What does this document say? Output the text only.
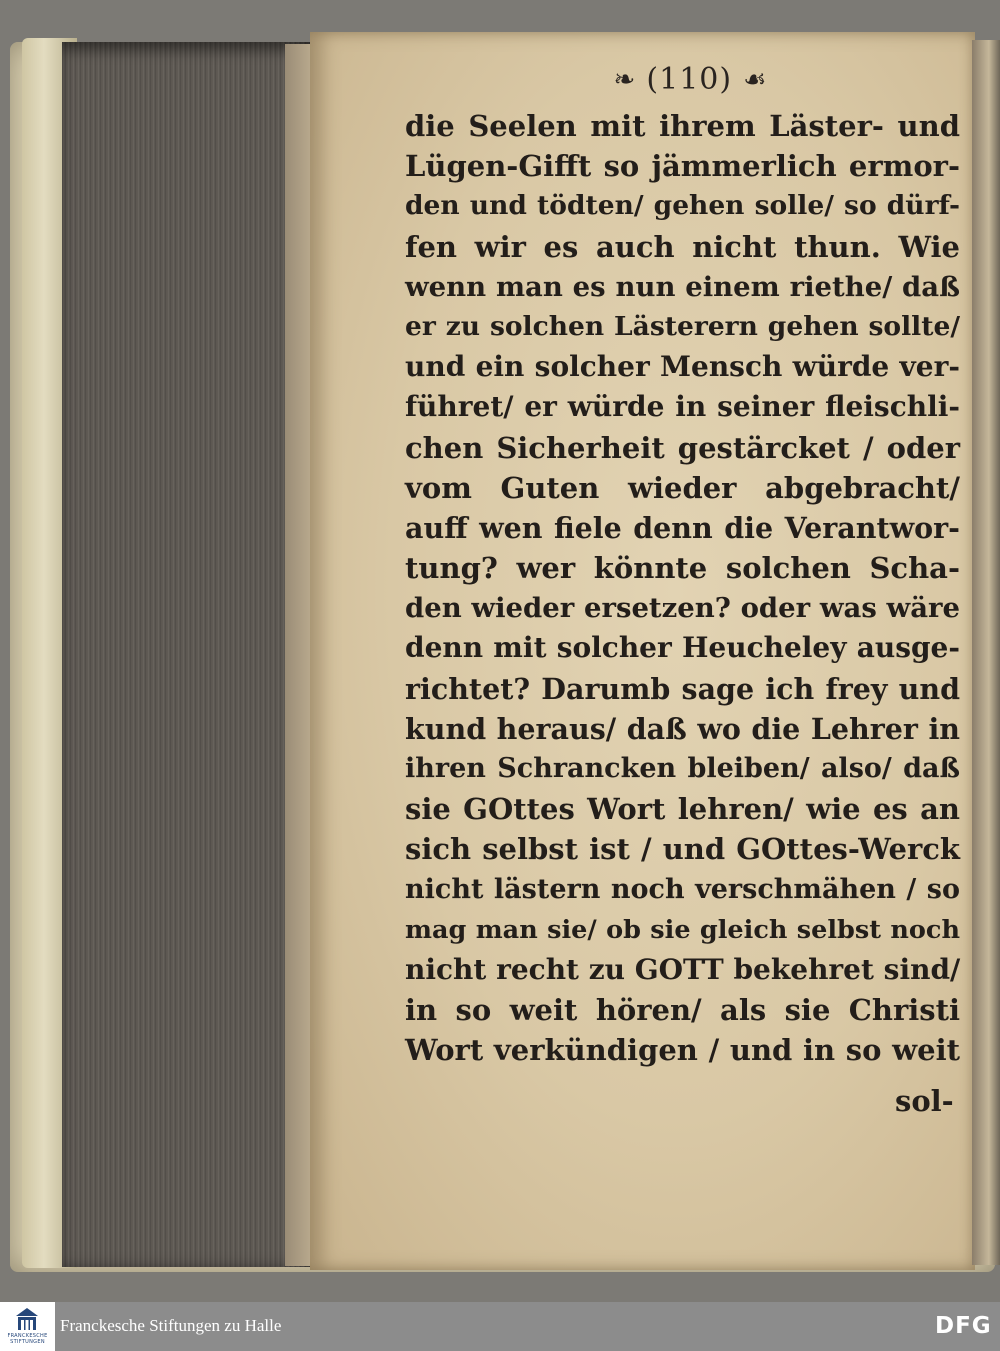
❧ (110) ☙
die Seelen mit ihrem Läster- und
Lügen-Gifft so jämmerlich ermor-
den und tödten/ gehen solle/ so dürf-
fen wir es auch nicht thun. Wie
wenn man es nun einem riethe/ daß
er zu solchen Lästerern gehen sollte/
und ein solcher Mensch würde ver-
führet/ er würde in seiner fleischli-
chen Sicherheit gestärcket / oder
vom Guten wieder abgebracht/
auff wen fiele denn die Verantwor-
tung? wer könnte solchen Scha-
den wieder ersetzen? oder was wäre
denn mit solcher Heucheley ausge-
richtet? Darumb sage ich frey und
kund heraus/ daß wo die Lehrer in
ihren Schrancken bleiben/ also/ daß
sie GOttes Wort lehren/ wie es an
sich selbst ist / und GOttes-Werck
nicht lästern noch verschmähen / so
mag man sie/ ob sie gleich selbst noch
nicht recht zu GOTT bekehret sind/
in so weit hören/ als sie Christi
Wort verkündigen / und in so weit
sol-
FRANCKESCHE
STIFTUNGEN
Franckesche Stiftungen zu Halle	DFG
